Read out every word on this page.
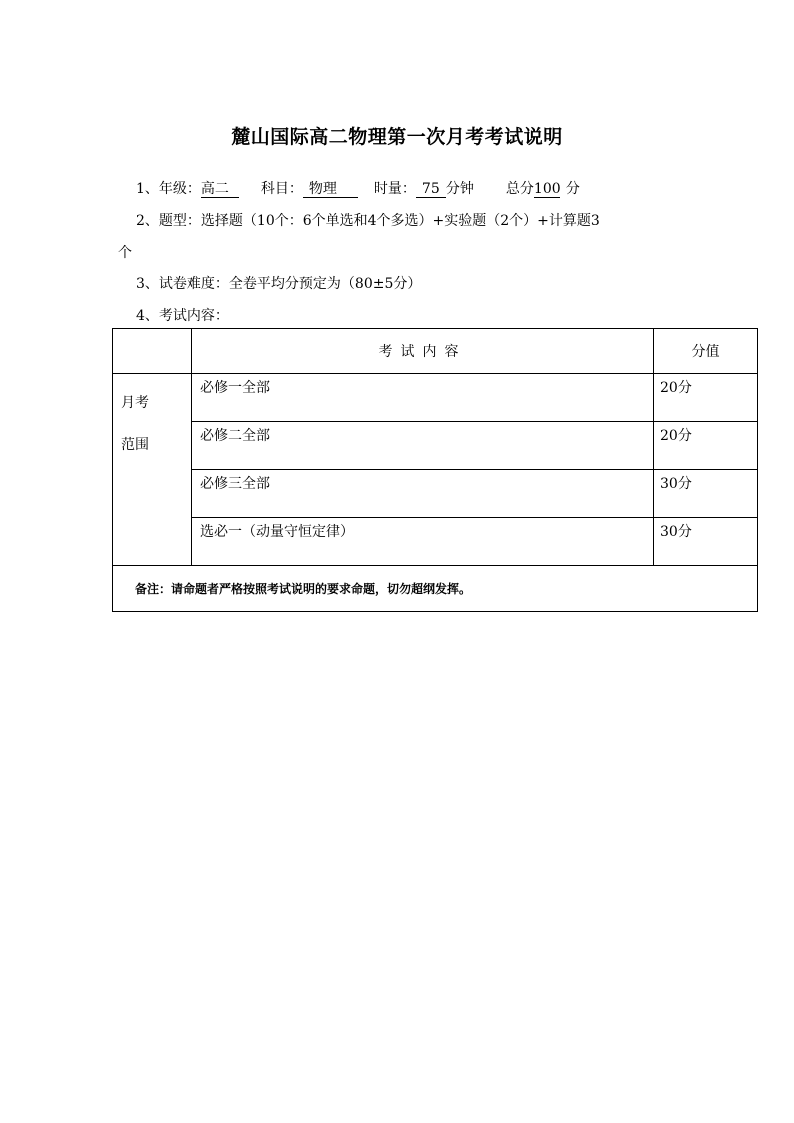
麓山国际高二物理第一次月考考试说明
1、年级：高二 科目： 物理	时量： 75 分钟 总分100 分
2、题型：选择题（10个：6个单选和4个多选）+实验题（2个）+计算题3
个
3、试卷难度：全卷平均分预定为（80±5分）
4、考试内容：
	考试内容	分值

月考
范围	必修一全部	20分
	必修二全部	20分
	必修三全部	30分
	选必一（动量守恒定律）	30分
备注：请命题者严格按照考试说明的要求命题，切勿超纲发挥。		
